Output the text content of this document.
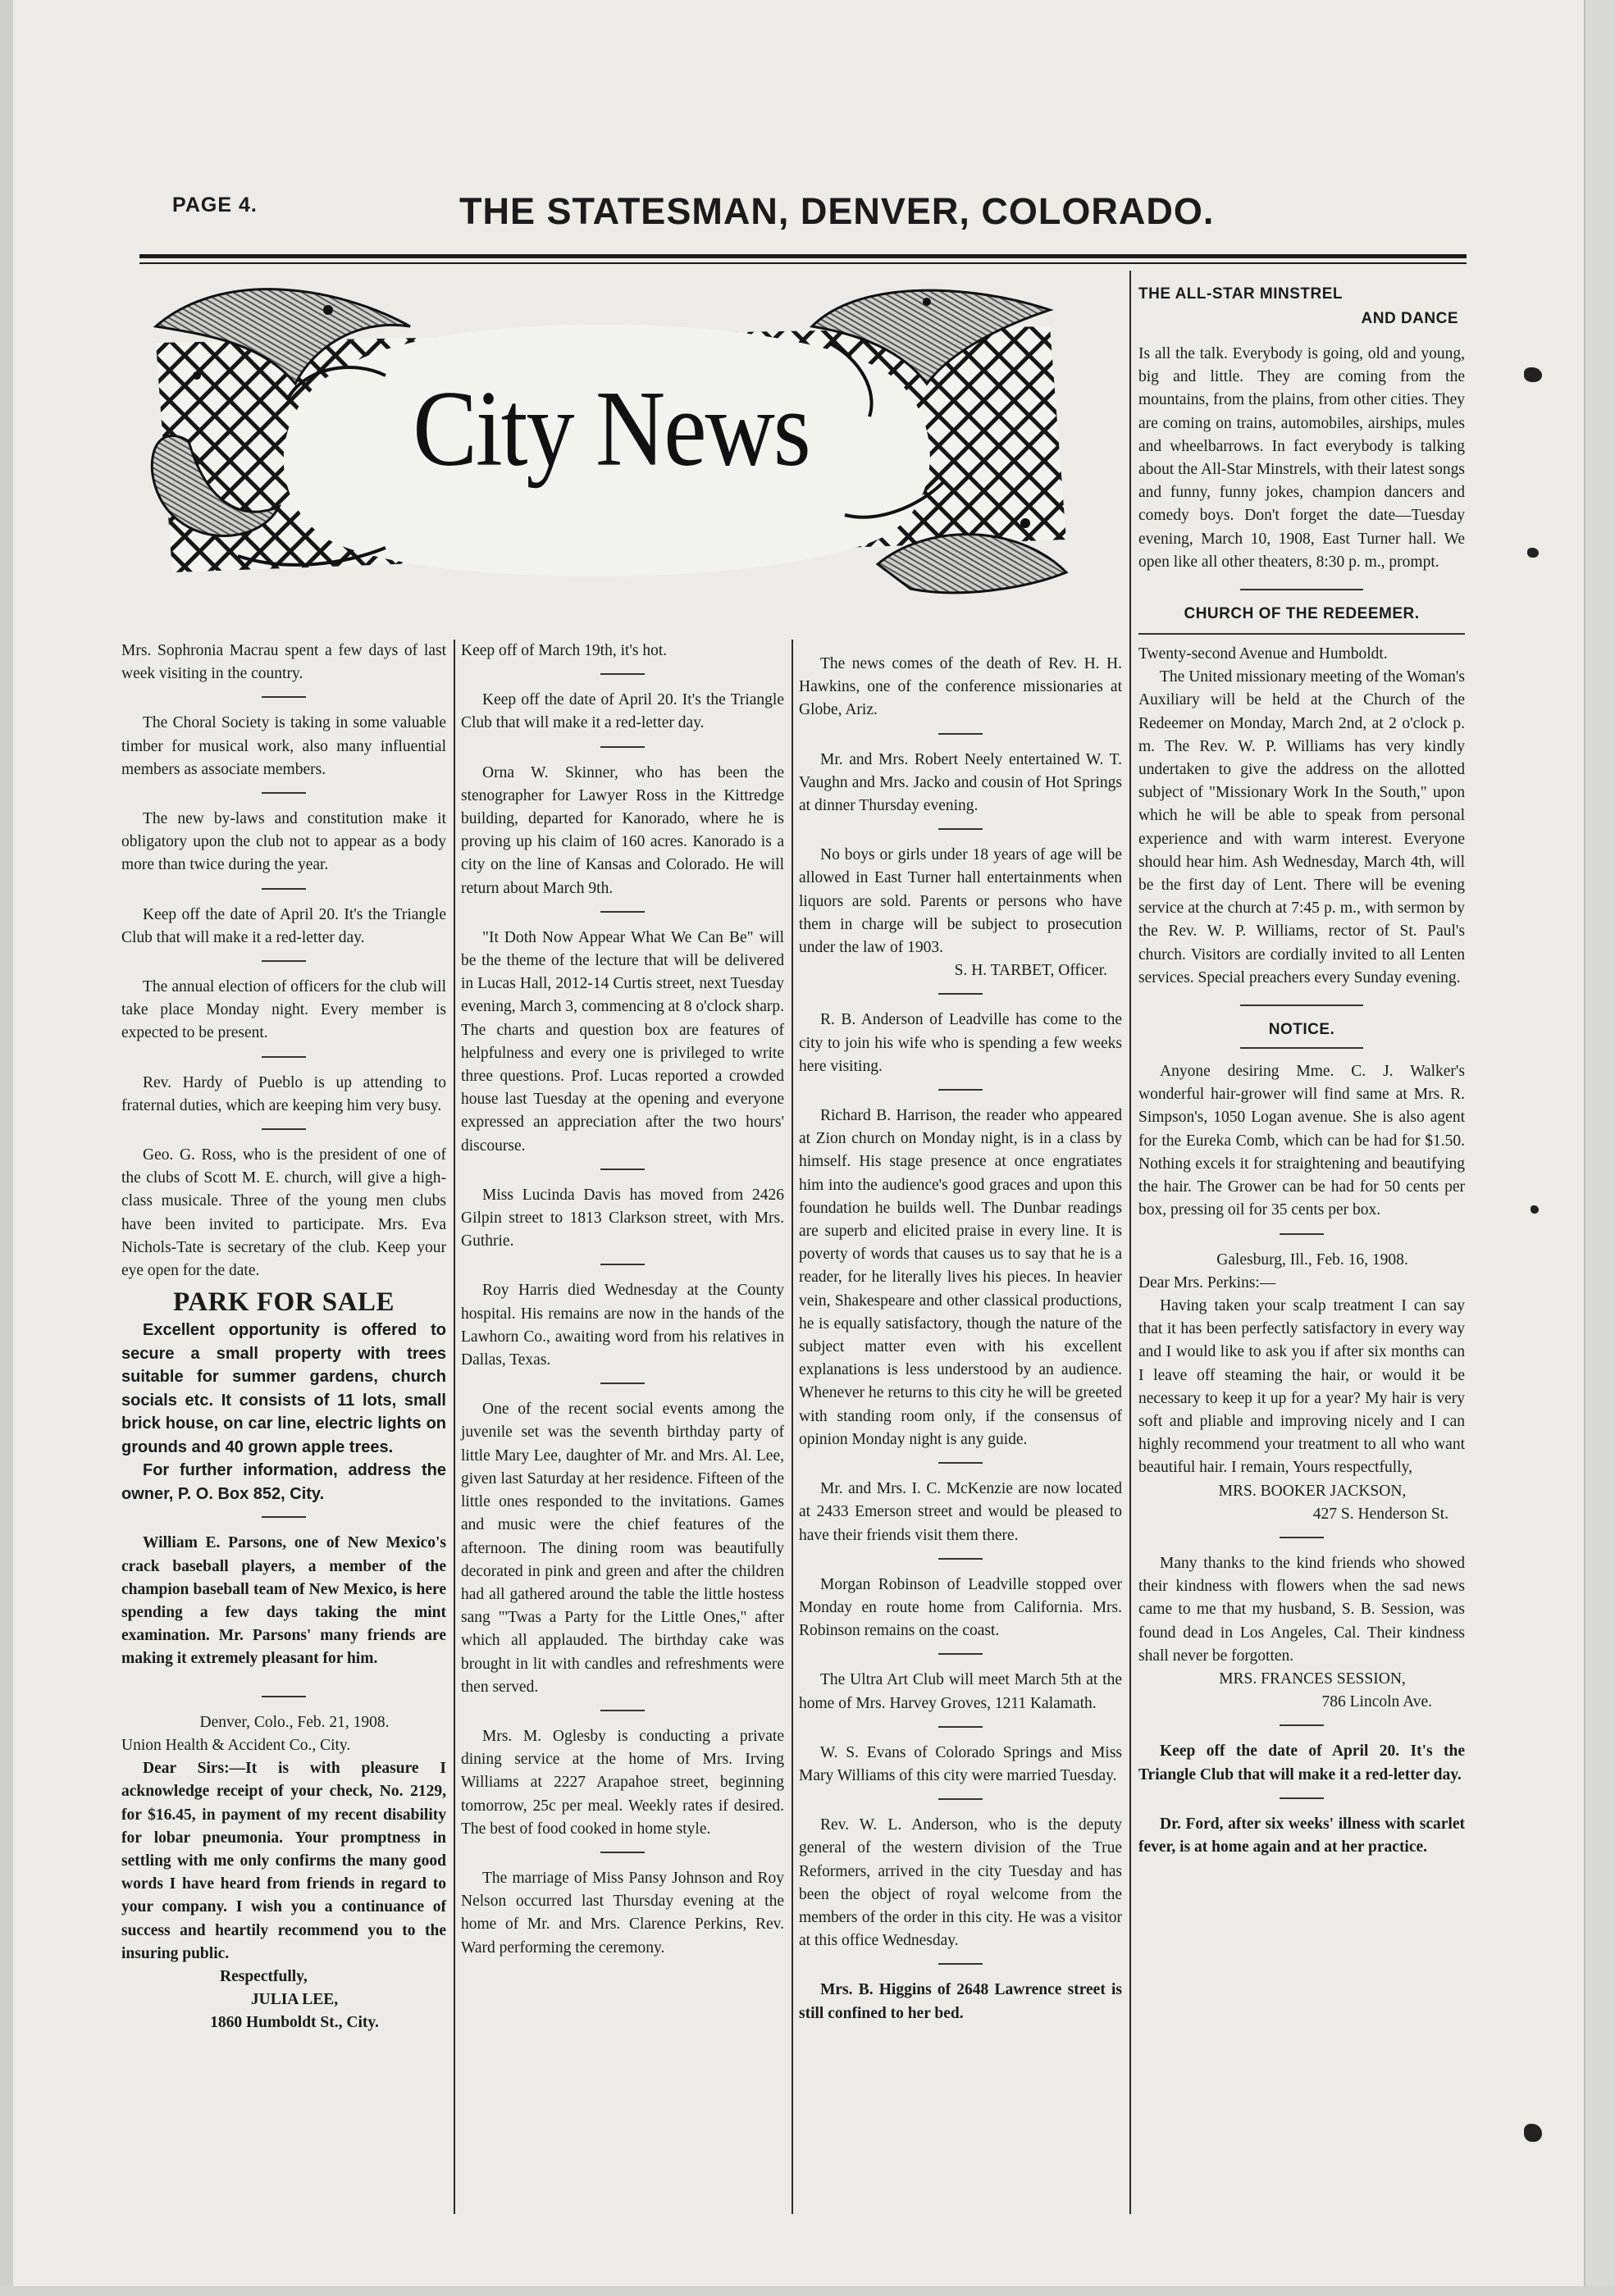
PAGE 4.	THE STATESMAN, DENVER, COLORADO.
City News

Mrs. Sophronia Macrau spent a few days of last week visiting in the country.

The Choral Society is taking in some valuable timber for musical work, also many influential members as associate members.

The new by-laws and constitution make it obligatory upon the club not to appear as a body more than twice during the year.

Keep off the date of April 20. It's the Triangle Club that will make it a red-letter day.

The annual election of officers for the club will take place Monday night. Every member is expected to be present.

Rev. Hardy of Pueblo is up attending to fraternal duties, which are keeping him very busy.

Geo. G. Ross, who is the president of one of the clubs of Scott M. E. church, will give a high-class musicale. Three of the young men clubs have been invited to participate. Mrs. Eva Nichols-Tate is secretary of the club. Keep your eye open for the date.

PARK FOR SALE

Excellent opportunity is offered to secure a small property with trees suitable for summer gardens, church socials etc. It consists of 11 lots, small brick house, on car line, electric lights on grounds and 40 grown apple trees.

For further information, address the owner, P. O. Box 852, City.

William E. Parsons, one of New Mexico's crack baseball players, a member of the champion baseball team of New Mexico, is here spending a few days taking the mint examination. Mr. Parsons' many friends are making it extremely pleasant for him.

Denver, Colo., Feb. 21, 1908.

Union Health & Accident Co., City.

Dear Sirs:—It is with pleasure I acknowledge receipt of your check, No. 2129, for $16.45, in payment of my recent disability for lobar pneumonia. Your promptness in settling with me only confirms the many good words I have heard from friends in regard to your company. I wish you a continuance of success and heartily recommend you to the insuring public.

Respectfully,

JULIA LEE,

1860 Humboldt St., City.

Keep off of March 19th, it's hot.

Keep off the date of April 20. It's the Triangle Club that will make it a red-letter day.

Orna W. Skinner, who has been the stenographer for Lawyer Ross in the Kittredge building, departed for Kanorado, where he is proving up his claim of 160 acres. Kanorado is a city on the line of Kansas and Colorado. He will return about March 9th.

"It Doth Now Appear What We Can Be" will be the theme of the lecture that will be delivered in Lucas Hall, 2012-14 Curtis street, next Tuesday evening, March 3, commencing at 8 o'clock sharp. The charts and question box are features of helpfulness and every one is privileged to write three questions. Prof. Lucas reported a crowded house last Tuesday at the opening and everyone expressed an appreciation after the two hours' discourse.

Miss Lucinda Davis has moved from 2426 Gilpin street to 1813 Clarkson street, with Mrs. Guthrie.

Roy Harris died Wednesday at the County hospital. His remains are now in the hands of the Lawhorn Co., awaiting word from his relatives in Dallas, Texas.

One of the recent social events among the juvenile set was the seventh birthday party of little Mary Lee, daughter of Mr. and Mrs. Al. Lee, given last Saturday at her residence. Fifteen of the little ones responded to the invitations. Games and music were the chief features of the afternoon. The dining room was beautifully decorated in pink and green and after the children had all gathered around the table the little hostess sang "'Twas a Party for the Little Ones," after which all applauded. The birthday cake was brought in lit with candles and refreshments were then served.

Mrs. M. Oglesby is conducting a private dining service at the home of Mrs. Irving Williams at 2227 Arapahoe street, beginning tomorrow, 25c per meal. Weekly rates if desired. The best of food cooked in home style.

The marriage of Miss Pansy Johnson and Roy Nelson occurred last Thursday evening at the home of Mr. and Mrs. Clarence Perkins, Rev. Ward performing the ceremony.

The news comes of the death of Rev. H. H. Hawkins, one of the conference missionaries at Globe, Ariz.

Mr. and Mrs. Robert Neely entertained W. T. Vaughn and Mrs. Jacko and cousin of Hot Springs at dinner Thursday evening.

No boys or girls under 18 years of age will be allowed in East Turner hall entertainments when liquors are sold. Parents or persons who have them in charge will be subject to prosecution under the law of 1903.

S. H. TARBET, Officer.

R. B. Anderson of Leadville has come to the city to join his wife who is spending a few weeks here visiting.

Richard B. Harrison, the reader who appeared at Zion church on Monday night, is in a class by himself. His stage presence at once engratiates him into the audience's good graces and upon this foundation he builds well. The Dunbar readings are superb and elicited praise in every line. It is poverty of words that causes us to say that he is a reader, for he literally lives his pieces. In heavier vein, Shakespeare and other classical productions, he is equally satisfactory, though the nature of the subject matter even with his excellent explanations is less understood by an audience. Whenever he returns to this city he will be greeted with standing room only, if the consensus of opinion Monday night is any guide.

Mr. and Mrs. I. C. McKenzie are now located at 2433 Emerson street and would be pleased to have their friends visit them there.

Morgan Robinson of Leadville stopped over Monday en route home from California. Mrs. Robinson remains on the coast.

The Ultra Art Club will meet March 5th at the home of Mrs. Harvey Groves, 1211 Kalamath.

W. S. Evans of Colorado Springs and Miss Mary Williams of this city were married Tuesday.

Rev. W. L. Anderson, who is the deputy general of the western division of the True Reformers, arrived in the city Tuesday and has been the object of royal welcome from the members of the order in this city. He was a visitor at this office Wednesday.

Mrs. B. Higgins of 2648 Lawrence street is still confined to her bed.

THE ALL-STAR MINSTREL
AND DANCE

Is all the talk. Everybody is going, old and young, big and little. They are coming from the mountains, from the plains, from other cities. They are coming on trains, automobiles, airships, mules and wheelbarrows. In fact everybody is talking about the All-Star Minstrels, with their latest songs and funny, funny jokes, champion dancers and comedy boys. Don't forget the date—Tuesday evening, March 10, 1908, East Turner hall. We open like all other theaters, 8:30 p. m., prompt.

CHURCH OF THE REDEEMER.

Twenty-second Avenue and Humboldt.

The United missionary meeting of the Woman's Auxiliary will be held at the Church of the Redeemer on Monday, March 2nd, at 2 o'clock p. m. The Rev. W. P. Williams has very kindly undertaken to give the address on the allotted subject of "Missionary Work In the South," upon which he will be able to speak from personal experience and with warm interest. Everyone should hear him. Ash Wednesday, March 4th, will be the first day of Lent. There will be evening service at the church at 7:45 p. m., with sermon by the Rev. W. P. Williams, rector of St. Paul's church. Visitors are cordially invited to all Lenten services. Special preachers every Sunday evening.

NOTICE.

Anyone desiring Mme. C. J. Walker's wonderful hair-grower will find same at Mrs. R. Simpson's, 1050 Logan avenue. She is also agent for the Eureka Comb, which can be had for $1.50. Nothing excels it for straightening and beautifying the hair. The Grower can be had for 50 cents per box, pressing oil for 35 cents per box.

Galesburg, Ill., Feb. 16, 1908.

Dear Mrs. Perkins:—

Having taken your scalp treatment I can say that it has been perfectly satisfactory in every way and I would like to ask you if after six months can I leave off steaming the hair, or would it be necessary to keep it up for a year? My hair is very soft and pliable and improving nicely and I can highly recommend your treatment to all who want beautiful hair. I remain, Yours respectfully,

MRS. BOOKER JACKSON,

427 S. Henderson St.

Many thanks to the kind friends who showed their kindness with flowers when the sad news came to me that my husband, S. B. Session, was found dead in Los Angeles, Cal. Their kindness shall never be forgotten.

MRS. FRANCES SESSION,

786 Lincoln Ave.

Keep off the date of April 20. It's the Triangle Club that will make it a red-letter day.

Dr. Ford, after six weeks' illness with scarlet fever, is at home again and at her practice.
